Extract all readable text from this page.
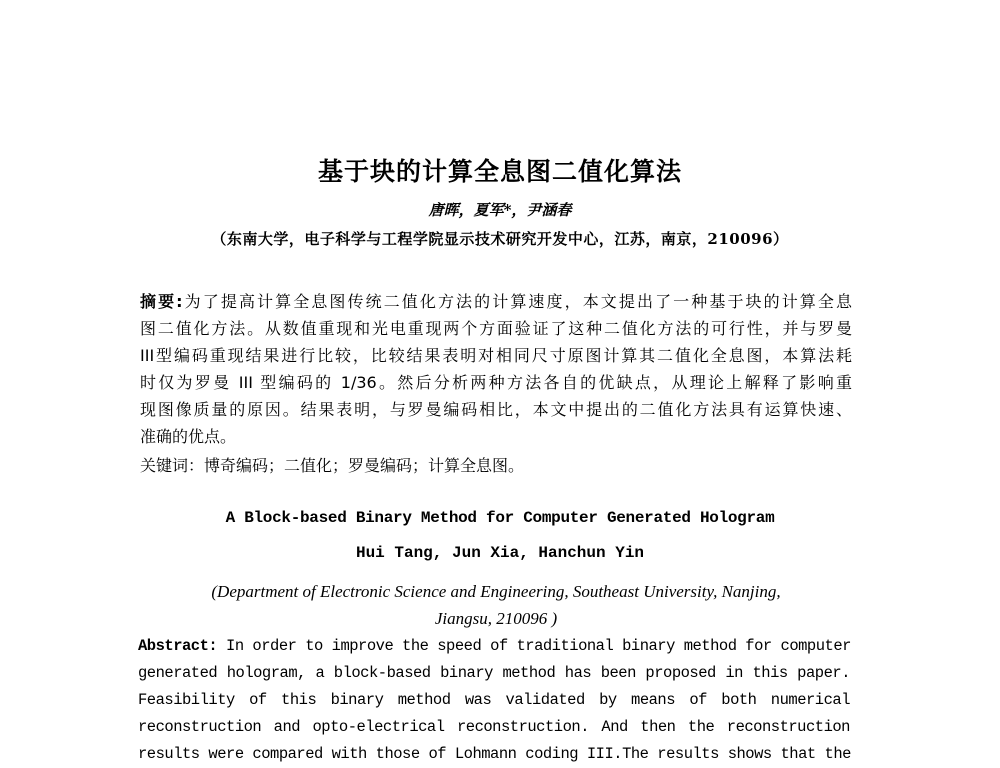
基于块的计算全息图二值化算法
唐晖，夏军*，尹涵春
（东南大学，电子科学与工程学院显示技术研究开发中心，江苏，南京，210096）
摘要:为了提高计算全息图传统二值化方法的计算速度，本文提出了一种基于块的计算全息
图二值化方法。从数值重现和光电重现两个方面验证了这种二值化方法的可行性，并与罗曼
III型编码重现结果进行比较，比较结果表明对相同尺寸原图计算其二值化全息图，本算法耗
时仅为罗曼 III 型编码的 1/36。然后分析两种方法各自的优缺点，从理论上解释了影响重
现图像质量的原因。结果表明，与罗曼编码相比，本文中提出的二值化方法具有运算快速、
准确的优点。
关键词：博奇编码；二值化；罗曼编码；计算全息图。
A Block-based Binary Method for Computer Generated Hologram
Hui Tang, Jun Xia, Hanchun Yin
(Department of Electronic Science and Engineering, Southeast University, Nanjing,
Jiangsu, 210096 )
Abstract: In order to improve the speed of traditional binary method for computer
generated hologram, a block-based binary method has been proposed in this paper.
Feasibility of this binary method was validated by means of both numerical
reconstruction and opto-electrical reconstruction. And then the reconstruction
results were compared with those of Lohmann coding III.The results shows that the
